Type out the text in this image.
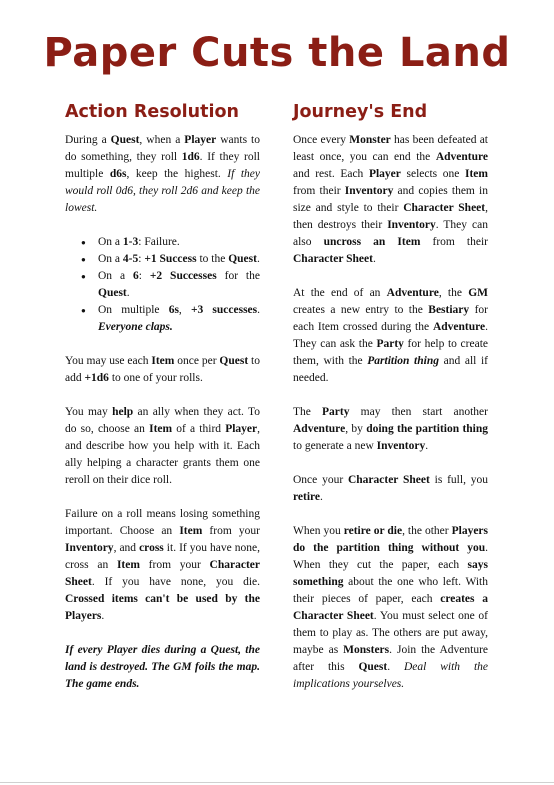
Paper Cuts the Land
Action Resolution

During a Quest, when a Player wants to do something, they roll 1d6. If they roll multiple d6s, keep the highest. If they would roll 0d6, they roll 2d6 and keep the lowest.

● On a 1-3: Failure.
● On a 4-5: +1 Success to the Quest.
● On a 6: +2 Successes for the Quest.
● On multiple 6s, +3 successes. Everyone claps.

You may use each Item once per Quest to add +1d6 to one of your rolls.

You may help an ally when they act. To do so, choose an Item of a third Player, and describe how you help with it. Each ally helping a character grants them one reroll on their dice roll.

Failure on a roll means losing something important. Choose an Item from your Inventory, and cross it. If you have none, cross an Item from your Character Sheet. If you have none, you die. Crossed items can't be used by the Players.

If every Player dies during a Quest, the land is destroyed. The GM foils the map. The game ends.

Journey's End

Once every Monster has been defeated at least once, you can end the Adventure and rest. Each Player selects one Item from their Inventory and copies them in size and style to their Character Sheet, then destroys their Inventory. They can also uncross an Item from their Character Sheet.

At the end of an Adventure, the GM creates a new entry to the Bestiary for each Item crossed during the Adventure. They can ask the Party for help to create them, with the Partition thing and all if needed.

The Party may then start another Adventure, by doing the partition thing to generate a new Inventory.

Once your Character Sheet is full, you retire.

When you retire or die, the other Players do the partition thing without you. When they cut the paper, each says something about the one who left. With their pieces of paper, each creates a Character Sheet. You must select one of them to play as. The others are put away, maybe as Monsters. Join the Adventure after this Quest. Deal with the implications yourselves.
